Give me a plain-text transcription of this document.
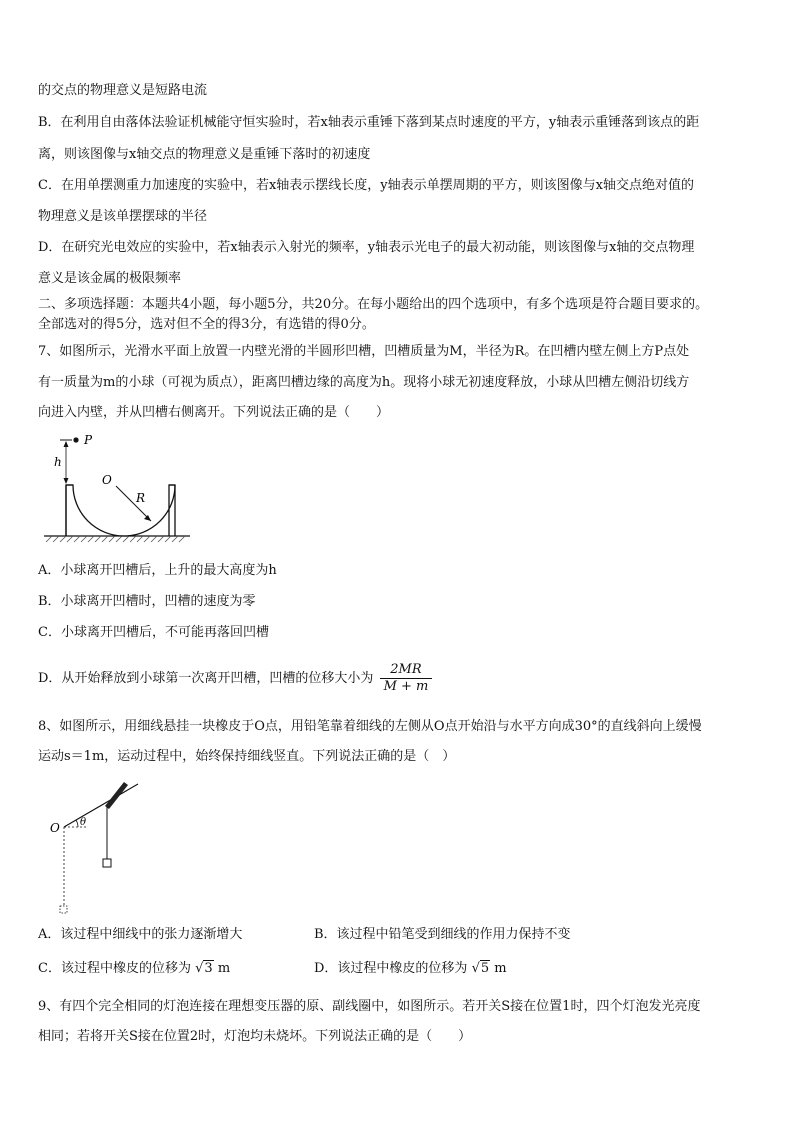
的交点的物理意义是短路电流
B．在利用自由落体法验证机械能守恒实验时，若x轴表示重锤下落到某点时速度的平方，y轴表示重锤落到该点的距
离，则该图像与x轴交点的物理意义是重锤下落时的初速度
C．在用单摆测重力加速度的实验中，若x轴表示摆线长度，y轴表示单摆周期的平方，则该图像与x轴交点绝对值的
物理意义是该单摆摆球的半径
D．在研究光电效应的实验中，若x轴表示入射光的频率，y轴表示光电子的最大初动能，则该图像与x轴的交点物理
意义是该金属的极限频率
二、多项选择题：本题共4小题，每小题5分，共20分。在每小题给出的四个选项中，有多个选项是符合题目要求的。
全部选对的得5分，选对但不全的得3分，有选错的得0分。
7、如图所示，光滑水平面上放置一内壁光滑的半圆形凹槽，凹槽质量为M，半径为R。在凹槽内壁左侧上方P点处
有一质量为m的小球（可视为质点），距离凹槽边缘的高度为h。现将小球无初速度释放，小球从凹槽左侧沿切线方
向进入内壁，并从凹槽右侧离开。下列说法正确的是（　　）
P
h
O
R
A．小球离开凹槽后，上升的最大高度为h
B．小球离开凹槽时，凹槽的速度为零
C．小球离开凹槽后，不可能再落回凹槽
D．从开始释放到小球第一次离开凹槽，凹槽的位移大小为 $\frac{2MR}{M + m}$
8、如图所示，用细线悬挂一块橡皮于O点，用铅笔靠着细线的左侧从O点开始沿与水平方向成30°的直线斜向上缓慢
运动s＝1m，运动过程中，始终保持细线竖直。下列说法正确的是（　）
O θ
A．该过程中细线中的张力逐渐增大	B．该过程中铅笔受到细线的作用力保持不变
C．该过程中橡皮的位移为 √3 m	D．该过程中橡皮的位移为 √5 m
9、有四个完全相同的灯泡连接在理想变压器的原、副线圈中，如图所示。若开关S接在位置1时，四个灯泡发光亮度
相同；若将开关S接在位置2时，灯泡均未烧坏。下列说法正确的是（　　）
